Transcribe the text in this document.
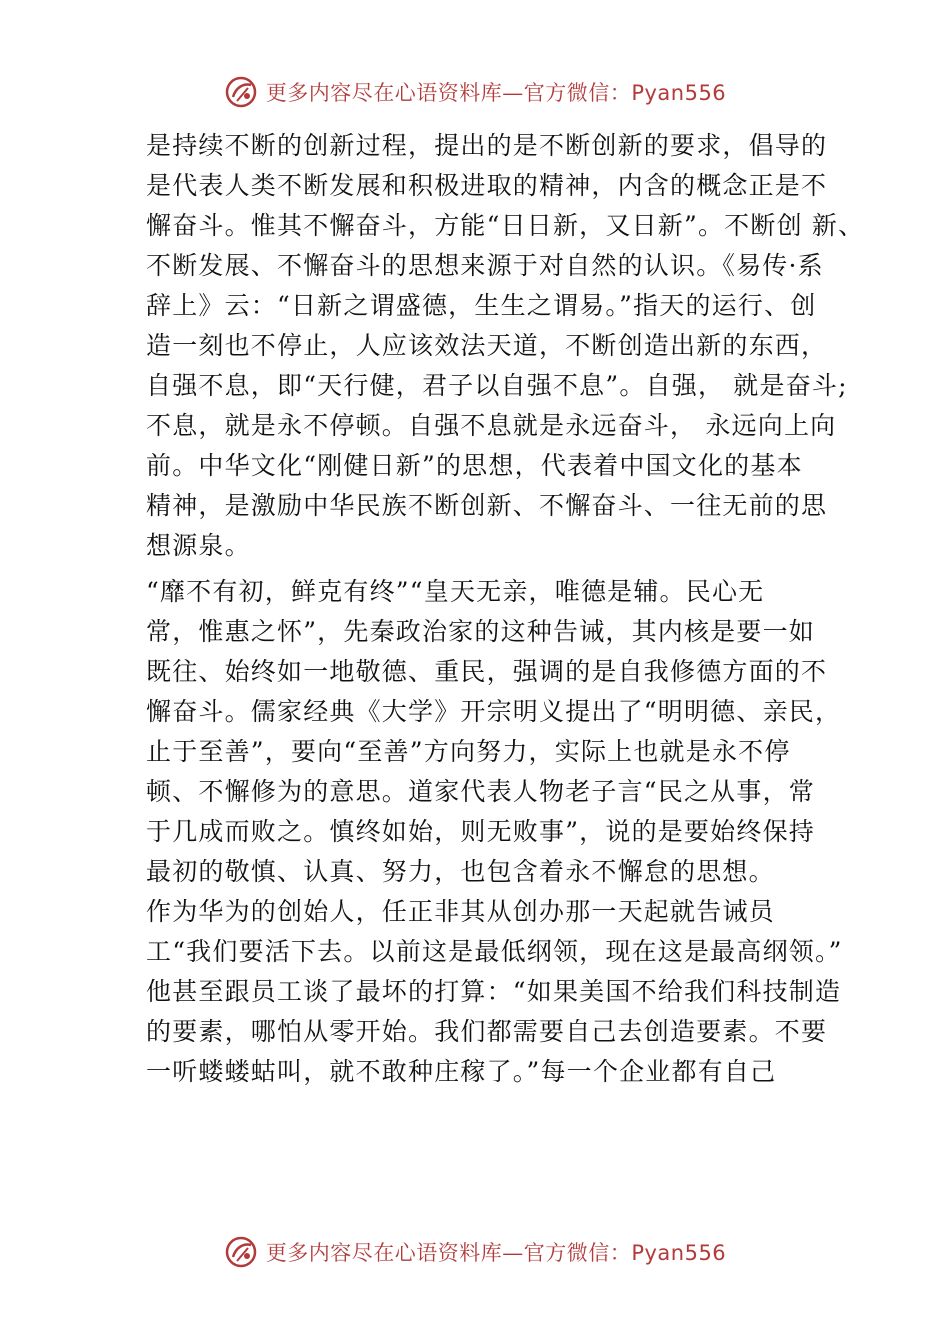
更多内容尽在心语资料库—官方微信：Pyan556
是持续不断的创新过程，提出的是不断创新的要求，倡导的
是代表人类不断发展和积极进取的精神，内含的概念正是不
懈奋斗。惟其不懈奋斗，方能“日日新，又日新”。不断创 新、
不断发展、不懈奋斗的思想来源于对自然的认识。《易传·系
辞上》云：“日新之谓盛德，生生之谓易。”指天的运行、创
造一刻也不停止，人应该效法天道，不断创造出新的东西，
自强不息，即“天行健，君子以自强不息”。自强， 就是奋斗;
不息，就是永不停顿。自强不息就是永远奋斗， 永远向上向
前。中华文化“刚健日新”的思想，代表着中国文化的基本
精神，是激励中华民族不断创新、不懈奋斗、一往无前的思
想源泉。
“靡不有初，鲜克有终”“皇天无亲，唯德是辅。民心无
常，惟惠之怀”，先秦政治家的这种告诫，其内核是要一如
既往、始终如一地敬德、重民，强调的是自我修德方面的不
懈奋斗。儒家经典《大学》开宗明义提出了“明明德、亲民，
止于至善”，要向“至善”方向努力，实际上也就是永不停
顿、不懈修为的意思。道家代表人物老子言“民之从事，常
于几成而败之。慎终如始，则无败事”，说的是要始终保持
最初的敬慎、认真、努力，也包含着永不懈怠的思想。
作为华为的创始人，任正非其从创办那一天起就告诫员
工“我们要活下去。以前这是最低纲领，现在这是最高纲领。”
他甚至跟员工谈了最坏的打算：“如果美国不给我们科技制造
的要素，哪怕从零开始。我们都需要自己去创造要素。不要
一听蝼蝼蛄叫，就不敢种庄稼了。”每一个企业都有自己
更多内容尽在心语资料库—官方微信：Pyan556
